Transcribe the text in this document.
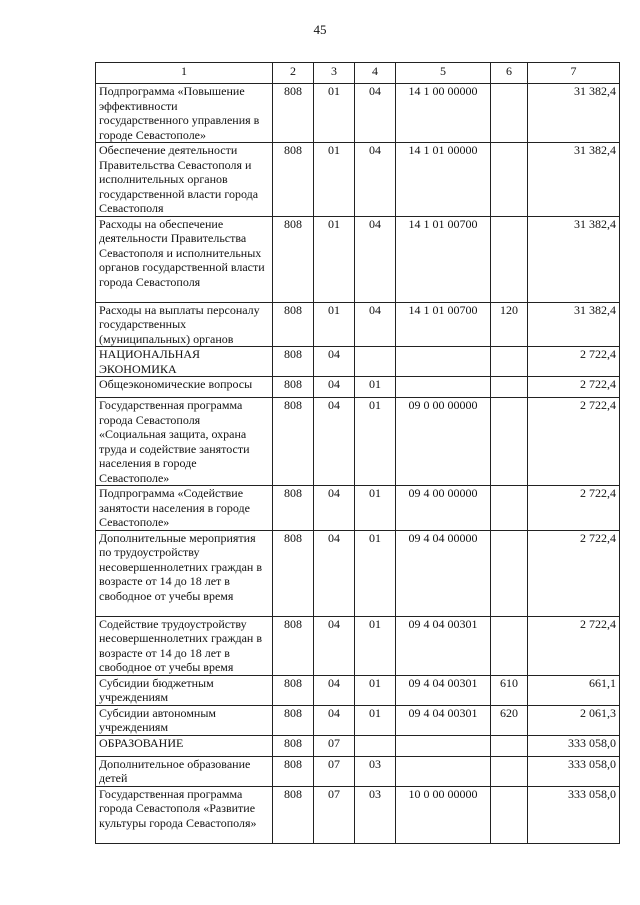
45
1	2	3	4	5	6	7
Подпрограмма «Повышение эффективности государственного управления в городе Севастополе»	808	01	04	14 1 00 00000		31 382,4
Обеспечение деятельности Правительства Севастополя и исполнительных органов государственной власти города Севастополя	808	01	04	14 1 01 00000		31 382,4
Расходы на обеспечение деятельности Правительства Севастополя и исполнительных органов государственной власти города Севастополя	808	01	04	14 1 01 00700		31 382,4
Расходы на выплаты персоналу государственных (муниципальных) органов	808	01	04	14 1 01 00700	120	31 382,4
НАЦИОНАЛЬНАЯ ЭКОНОМИКА	808	04				2 722,4
Общеэкономические вопросы	808	04	01			2 722,4
Государственная программа города Севастополя «Социальная защита, охрана труда и содействие занятости населения в городе Севастополе»	808	04	01	09 0 00 00000		2 722,4
Подпрограмма «Содействие занятости населения в городе Севастополе»	808	04	01	09 4 00 00000		2 722,4
Дополнительные мероприятия по трудоустройству несовершеннолетних граждан в возрасте от 14 до 18 лет в свободное от учебы время	808	04	01	09 4 04 00000		2 722,4
Содействие трудоустройству несовершеннолетних граждан в возрасте от 14 до 18 лет в свободное от учебы время	808	04	01	09 4 04 00301		2 722,4
Субсидии бюджетным учреждениям	808	04	01	09 4 04 00301	610	661,1
Субсидии автономным учреждениям	808	04	01	09 4 04 00301	620	2 061,3
ОБРАЗОВАНИЕ	808	07				333 058,0
Дополнительное образование детей	808	07	03			333 058,0
Государственная программа города Севастополя «Развитие культуры города Севастополя»	808	07	03	10 0 00 00000		333 058,0
